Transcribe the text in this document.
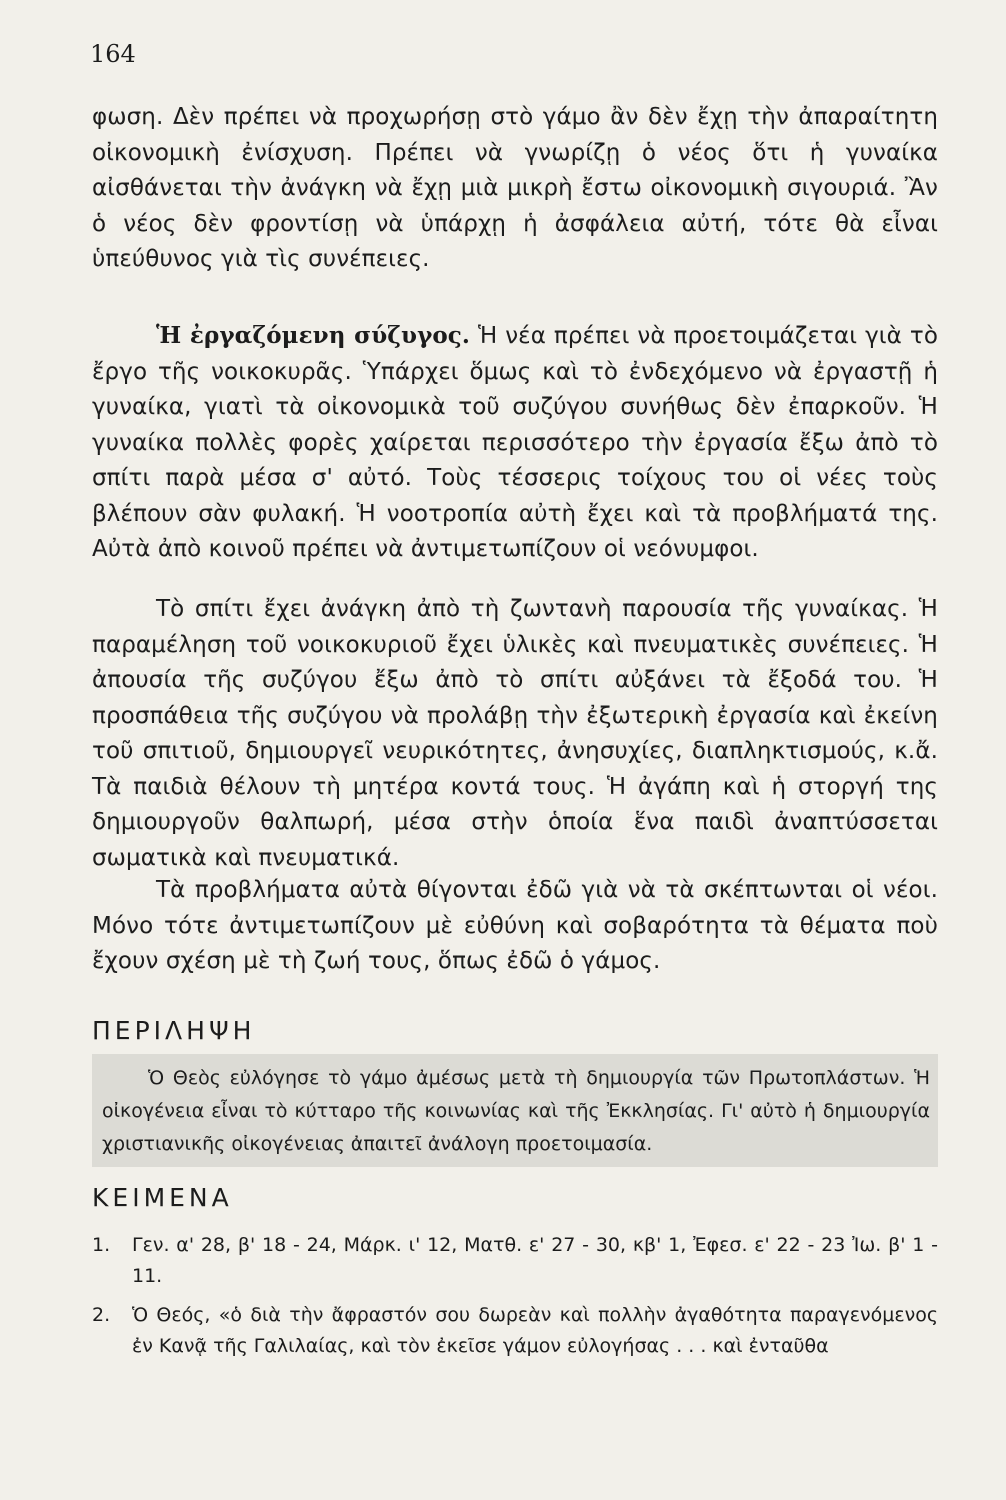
164

φωση. Δὲν πρέπει νὰ προχωρήσῃ στὸ γάμο ἂν δὲν ἔχῃ τὴν ἀπαραίτητη οἰκονομικὴ ἐνίσχυση. Πρέπει νὰ γνωρίζῃ ὁ νέος ὅτι ἡ γυναίκα αἰσθάνεται τὴν ἀνάγκη νὰ ἔχῃ μιὰ μικρὴ ἔστω οἰκονομικὴ σιγουριά. Ἂν ὁ νέος δὲν φροντίσῃ νὰ ὑπάρχῃ ἡ ἀσφάλεια αὐτή, τότε θὰ εἶναι ὑπεύθυνος γιὰ τὶς συνέπειες.

Ἡ ἐργαζόμενη σύζυγος. Ἡ νέα πρέπει νὰ προετοιμάζεται γιὰ τὸ ἔργο τῆς νοικοκυρᾶς. Ὑπάρχει ὅμως καὶ τὸ ἐνδεχόμενο νὰ ἐργαστῇ ἡ γυναίκα, γιατὶ τὰ οἰκονομικὰ τοῦ συζύγου συνήθως δὲν ἐπαρκοῦν. Ἡ γυναίκα πολλὲς φορὲς χαίρεται περισσότερο τὴν ἐργασία ἔξω ἀπὸ τὸ σπίτι παρὰ μέσα σ' αὐτό. Τοὺς τέσσερις τοίχους του οἱ νέες τοὺς βλέπουν σὰν φυλακή. Ἡ νοοτροπία αὐτὴ ἔχει καὶ τὰ προβλήματά της. Αὐτὰ ἀπὸ κοινοῦ πρέπει νὰ ἀντιμετωπίζουν οἱ νεόνυμφοι.

Τὸ σπίτι ἔχει ἀνάγκη ἀπὸ τὴ ζωντανὴ παρουσία τῆς γυναίκας. Ἡ παραμέληση τοῦ νοικοκυριοῦ ἔχει ὑλικὲς καὶ πνευματικὲς συνέπειες. Ἡ ἀπουσία τῆς συζύγου ἔξω ἀπὸ τὸ σπίτι αὐξάνει τὰ ἔξοδά του. Ἡ προσπάθεια τῆς συζύγου νὰ προλάβῃ τὴν ἐξωτερικὴ ἐργασία καὶ ἐκείνη τοῦ σπιτιοῦ, δημιουργεῖ νευρικότητες, ἀνησυχίες, διαπληκτισμούς, κ.ἄ. Τὰ παιδιὰ θέλουν τὴ μητέρα κοντά τους. Ἡ ἀγάπη καὶ ἡ στοργή της δημιουργοῦν θαλπωρή, μέσα στὴν ὁποία ἕνα παιδὶ ἀναπτύσσεται σωματικὰ καὶ πνευματικά.

Τὰ προβλήματα αὐτὰ θίγονται ἐδῶ γιὰ νὰ τὰ σκέπτωνται οἱ νέοι. Μόνο τότε ἀντιμετωπίζουν μὲ εὐθύνη καὶ σοβαρότητα τὰ θέματα ποὺ ἔχουν σχέση μὲ τὴ ζωή τους, ὅπως ἐδῶ ὁ γάμος.

ΠΕΡΙΛΗΨΗ
Ὁ Θεὸς εὐλόγησε τὸ γάμο ἀμέσως μετὰ τὴ δημιουργία τῶν Πρωτοπλάστων. Ἡ οἰκογένεια εἶναι τὸ κύτταρο τῆς κοινωνίας καὶ τῆς Ἐκκλησίας. Γι' αὐτὸ ἡ δημιουργία χριστιανικῆς οἰκογένειας ἀπαιτεῖ ἀνάλογη προετοιμασία.
ΚΕΙΜΕΝΑ
1.	Γεν. α' 28, β' 18 - 24, Μάρκ. ι' 12, Ματθ. ε' 27 - 30, κβ' 1, Ἐφεσ. ε' 22 - 23 Ἰω. β' 1 - 11.
2.	Ὁ Θεός, «ὁ διὰ τὴν ἄφραστόν σου δωρεὰν καὶ πολλὴν ἀγαθότητα παραγενόμενος ἐν Κανᾷ τῆς Γαλιλαίας, καὶ τὸν ἐκεῖσε γάμον εὐλογήσας . . . καὶ ἐνταῦθα
